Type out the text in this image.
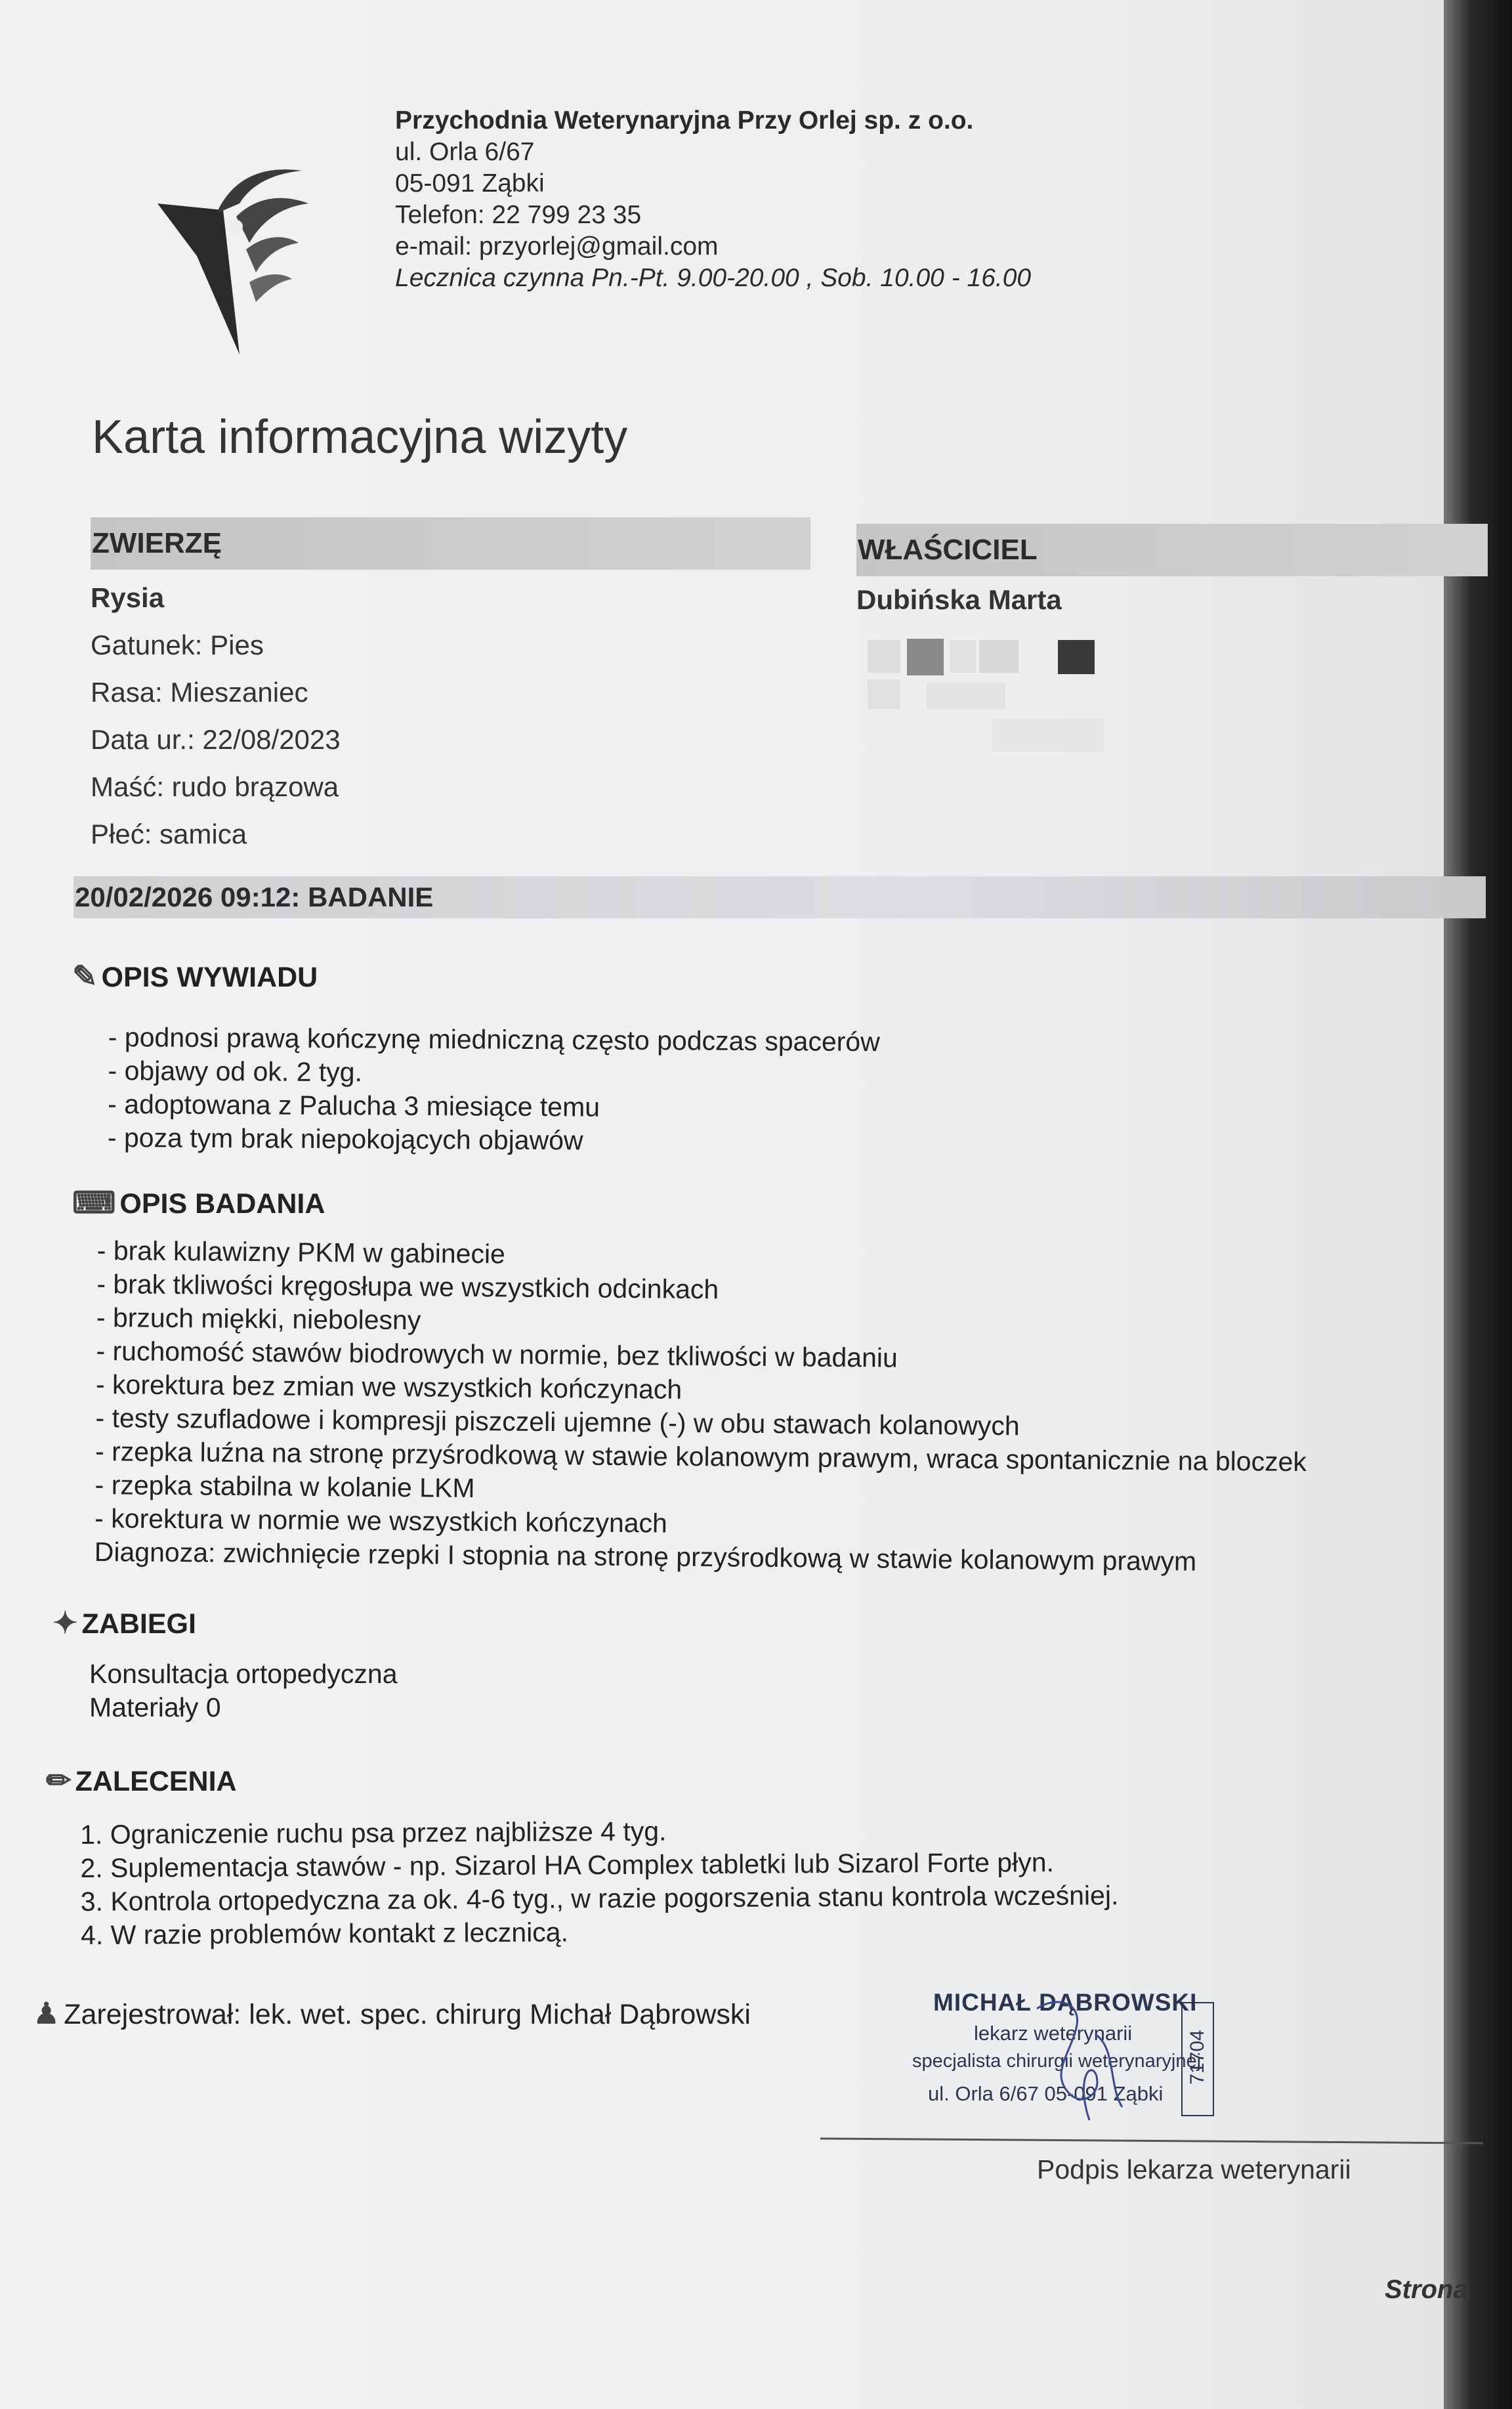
Przychodnia Weterynaryjna Przy Orlej sp. z o.o.
ul. Orla 6/67
05-091 Ząbki
Telefon: 22 799 23 35
e-mail: przyorlej@gmail.com
Lecznica czynna Pn.-Pt. 9.00-20.00 , Sob. 10.00 - 16.00
Karta informacyjna wizyty
ZWIERZĘ
Rysia
Gatunek: Pies
Rasa: Mieszaniec
Data ur.: 22/08/2023
Maść: rudo brązowa
Płeć: samica
WŁAŚCICIEL
Dubińska Marta
20/02/2026 09:12: BADANIE
✎ OPIS WYWIADU
- podnosi prawą kończynę miedniczną często podczas spacerów
- objawy od ok. 2 tyg.
- adoptowana z Palucha 3 miesiące temu
- poza tym brak niepokojących objawów
⌨ OPIS BADANIA
- brak kulawizny PKM w gabinecie
- brak tkliwości kręgosłupa we wszystkich odcinkach
- brzuch miękki, niebolesny
- ruchomość stawów biodrowych w normie, bez tkliwości w badaniu
- korektura bez zmian we wszystkich kończynach
- testy szufladowe i kompresji piszczeli ujemne (-) w obu stawach kolanowych
- rzepka luźna na stronę przyśrodkową w stawie kolanowym prawym, wraca spontanicznie na bloczek
- rzepka stabilna w kolanie LKM
- korektura w normie we wszystkich kończynach
Diagnoza: zwichnięcie rzepki I stopnia na stronę przyśrodkową w stawie kolanowym prawym
✦ ZABIEGI
Konsultacja ortopedyczna
Materiały 0
✏ ZALECENIA
1. Ograniczenie ruchu psa przez najbliższe 4 tyg.
2. Suplementacja stawów - np. Sizarol HA Complex tabletki lub Sizarol Forte płyn.
3. Kontrola ortopedyczna za ok. 4-6 tyg., w razie pogorszenia stanu kontrola wcześniej.
4. W razie problemów kontakt z lecznicą.
♟ Zarejestrował: lek. wet. spec. chirurg Michał Dąbrowski	MICHAŁ DĄBROWSKI
lekarz weterynarii
specjalista chirurgii weterynaryjnej
ul. Orla 6/67 05-091 Ząbki
71704
Podpis lekarza weterynarii
Strona
